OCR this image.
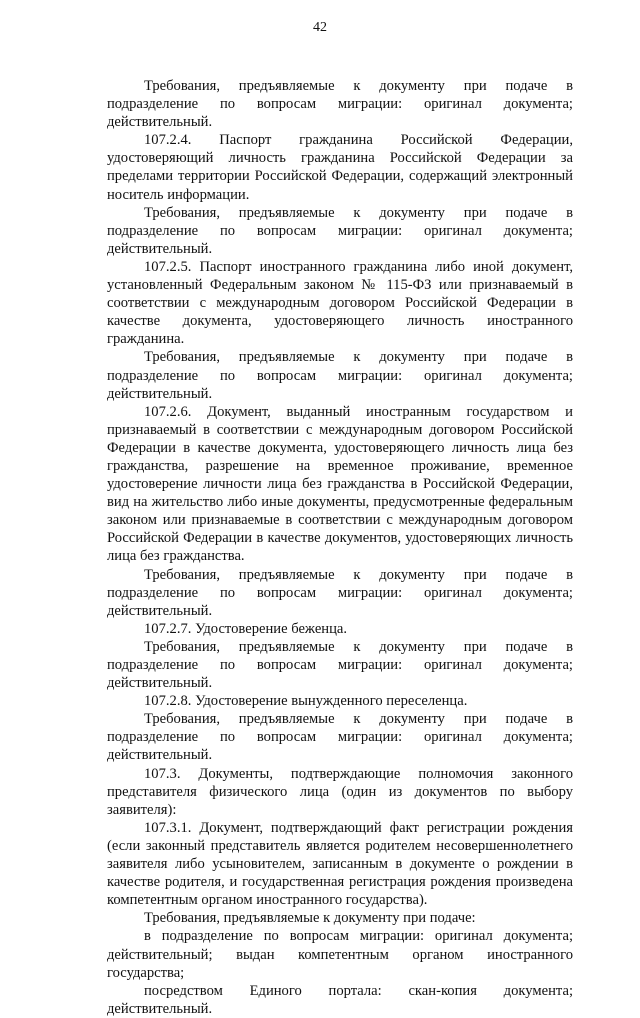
42

Требования, предъявляемые к документу при подаче в подразделение по вопросам миграции: оригинал документа; действительный.

107.2.4. Паспорт гражданина Российской Федерации, удостоверяющий личность гражданина Российской Федерации за пределами территории Российской Федерации, содержащий электронный носитель информации.

Требования, предъявляемые к документу при подаче в подразделение по вопросам миграции: оригинал документа; действительный.

107.2.5. Паспорт иностранного гражданина либо иной документ, установленный Федеральным законом № 115-ФЗ или признаваемый в соответствии с международным договором Российской Федерации в качестве документа, удостоверяющего личность иностранного гражданина.

Требования, предъявляемые к документу при подаче в подразделение по вопросам миграции: оригинал документа; действительный.

107.2.6. Документ, выданный иностранным государством и признаваемый в соответствии с международным договором Российской Федерации в качестве документа, удостоверяющего личность лица без гражданства, разрешение на временное проживание, временное удостоверение личности лица без гражданства в Российской Федерации, вид на жительство либо иные документы, предусмотренные федеральным законом или признаваемые в соответствии с международным договором Российской Федерации в качестве документов, удостоверяющих личность лица без гражданства.

Требования, предъявляемые к документу при подаче в подразделение по вопросам миграции: оригинал документа; действительный.

107.2.7. Удостоверение беженца.

Требования, предъявляемые к документу при подаче в подразделение по вопросам миграции: оригинал документа; действительный.

107.2.8. Удостоверение вынужденного переселенца.

Требования, предъявляемые к документу при подаче в подразделение по вопросам миграции: оригинал документа; действительный.

107.3. Документы, подтверждающие полномочия законного представителя физического лица (один из документов по выбору заявителя):

107.3.1. Документ, подтверждающий факт регистрации рождения (если законный представитель является родителем несовершеннолетнего заявителя либо усыновителем, записанным в документе о рождении в качестве родителя, и государственная регистрация рождения произведена компетентным органом иностранного государства).

Требования, предъявляемые к документу при подаче:

в подразделение по вопросам миграции: оригинал документа; действительный; выдан компетентным органом иностранного государства;

посредством Единого портала: скан-копия документа; действительный.
